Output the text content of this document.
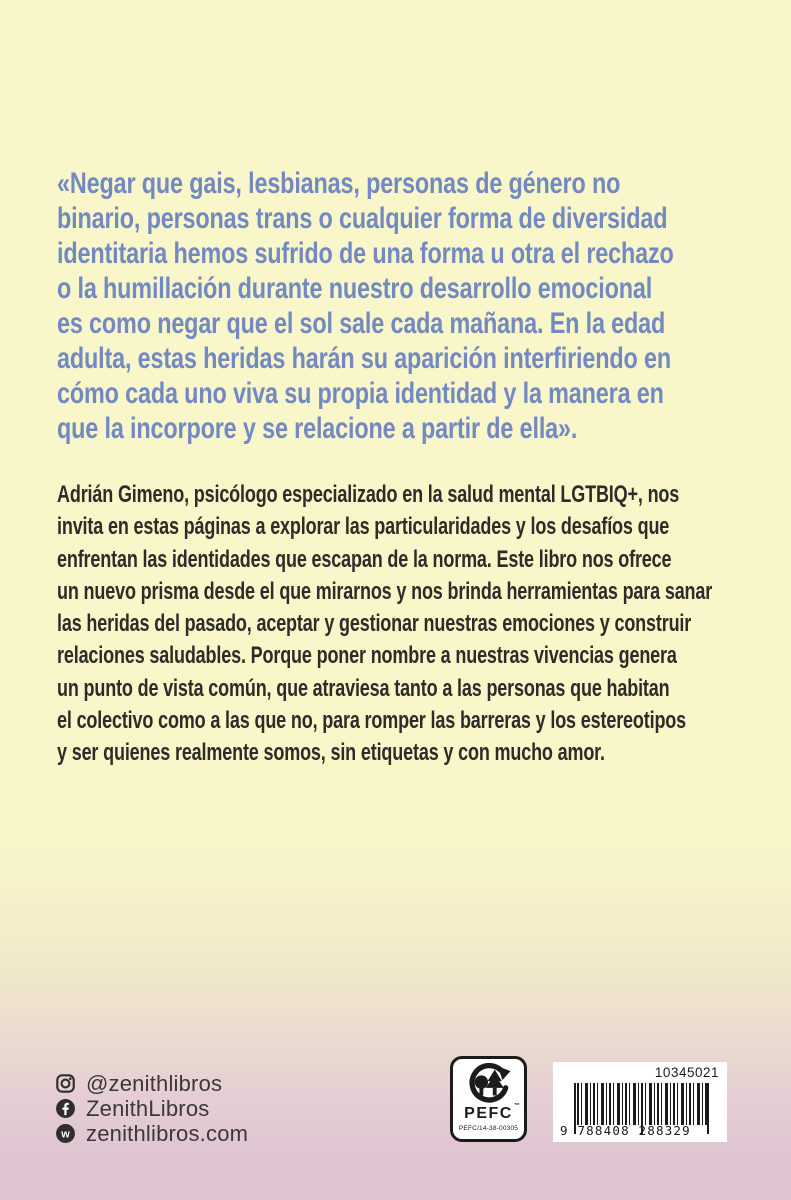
«Negar que gais, lesbianas, personas de género no
binario, personas trans o cualquier forma de diversidad
identitaria hemos sufrido de una forma u otra el rechazo
o la humillación durante nuestro desarrollo emocional
es como negar que el sol sale cada mañana. En la edad
adulta, estas heridas harán su aparición interfiriendo en
cómo cada uno viva su propia identidad y la manera en
que la incorpore y se relacione a partir de ella».
Adrián Gimeno, psicólogo especializado en la salud mental LGTBIQ+, nos
invita en estas páginas a explorar las particularidades y los desafíos que
enfrentan las identidades que escapan de la norma. Este libro nos ofrece
un nuevo prisma desde el que mirarnos y nos brinda herramientas para sanar
las heridas del pasado, aceptar y gestionar nuestras emociones y construir
relaciones saludables. Porque poner nombre a nuestras vivencias genera
un punto de vista común, que atraviesa tanto a las personas que habitan
el colectivo como a las que no, para romper las barreras y los estereotipos
y ser quienes realmente somos, sin etiquetas y con mucho amor.
@zenithlibros
ZenithLibros
w zenithlibros.com
PEFC ™
PEFC/14-38-00305
10345021
9 788408 288329
